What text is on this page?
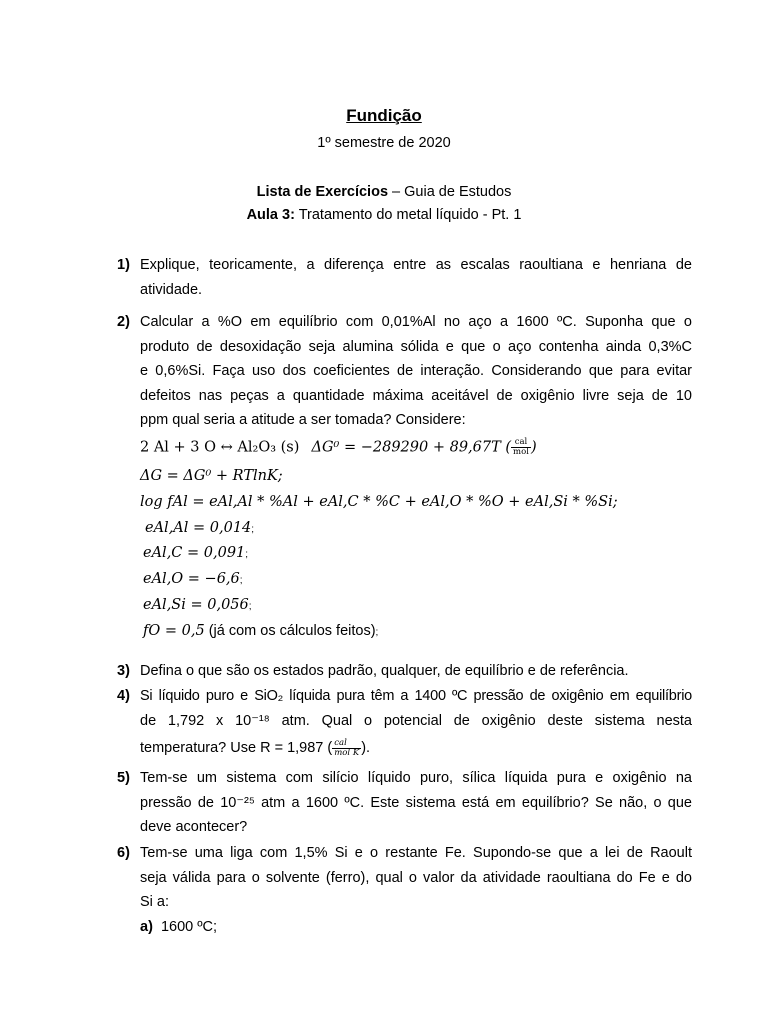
Fundição
1º semestre de 2020
Lista de Exercícios – Guia de Estudos
Aula 3: Tratamento do metal líquido - Pt. 1
1) Explique, teoricamente, a diferença entre as escalas raoultiana e henriana de
atividade.
2) Calcular a %O em equilíbrio com 0,01%Al no aço a 1600 ºC. Suponha que o
produto de desoxidação seja alumina sólida e que o aço contenha ainda 0,3%C
e 0,6%Si. Faça uso dos coeficientes de interação. Considerando que para evitar
defeitos nas peças a quantidade máxima aceitável de oxigênio livre seja de 10
ppm qual seria a atitude a ser tomada? Considere:
2 Al + 3 O ↔ Al₂O₃ (s) ΔG⁰ = −289290 + 89,67T ( $\frac{\text{cal}}{\text{mol}}$ )
ΔG = ΔG⁰ + RTlnK;
log fAl = eAl,Al * %Al + eAl,C * %C + eAl,O * %O + eAl,Si * %Si;
eAl,Al = 0,014;
eAl,C = 0,091;
eAl,O = −6,6;
eAl,Si = 0,056;
fO = 0,5 (já com os cálculos feitos);
3) Defina o que são os estados padrão, qualquer, de equilíbrio e de referência.
4) Si líquido puro e SiO₂ líquida pura têm a 1400 ºC pressão de oxigênio em equilíbrio
de 1,792 x 10⁻¹⁸ atm. Qual o potencial de oxigênio deste sistema nesta
temperatura? Use R = 1,987 ( $\frac{\text{cal}}{\text{mol K}}$ ).
5) Tem-se um sistema com silício líquido puro, sílica líquida pura e oxigênio na
pressão de 10⁻²⁵ atm a 1600 ºC. Este sistema está em equilíbrio? Se não, o que
deve acontecer?
6) Tem-se uma liga com 1,5% Si e o restante Fe. Supondo-se que a lei de Raoult
seja válida para o solvente (ferro), qual o valor da atividade raoultiana do Fe e do
Si a:
a) 1600 ºC;
